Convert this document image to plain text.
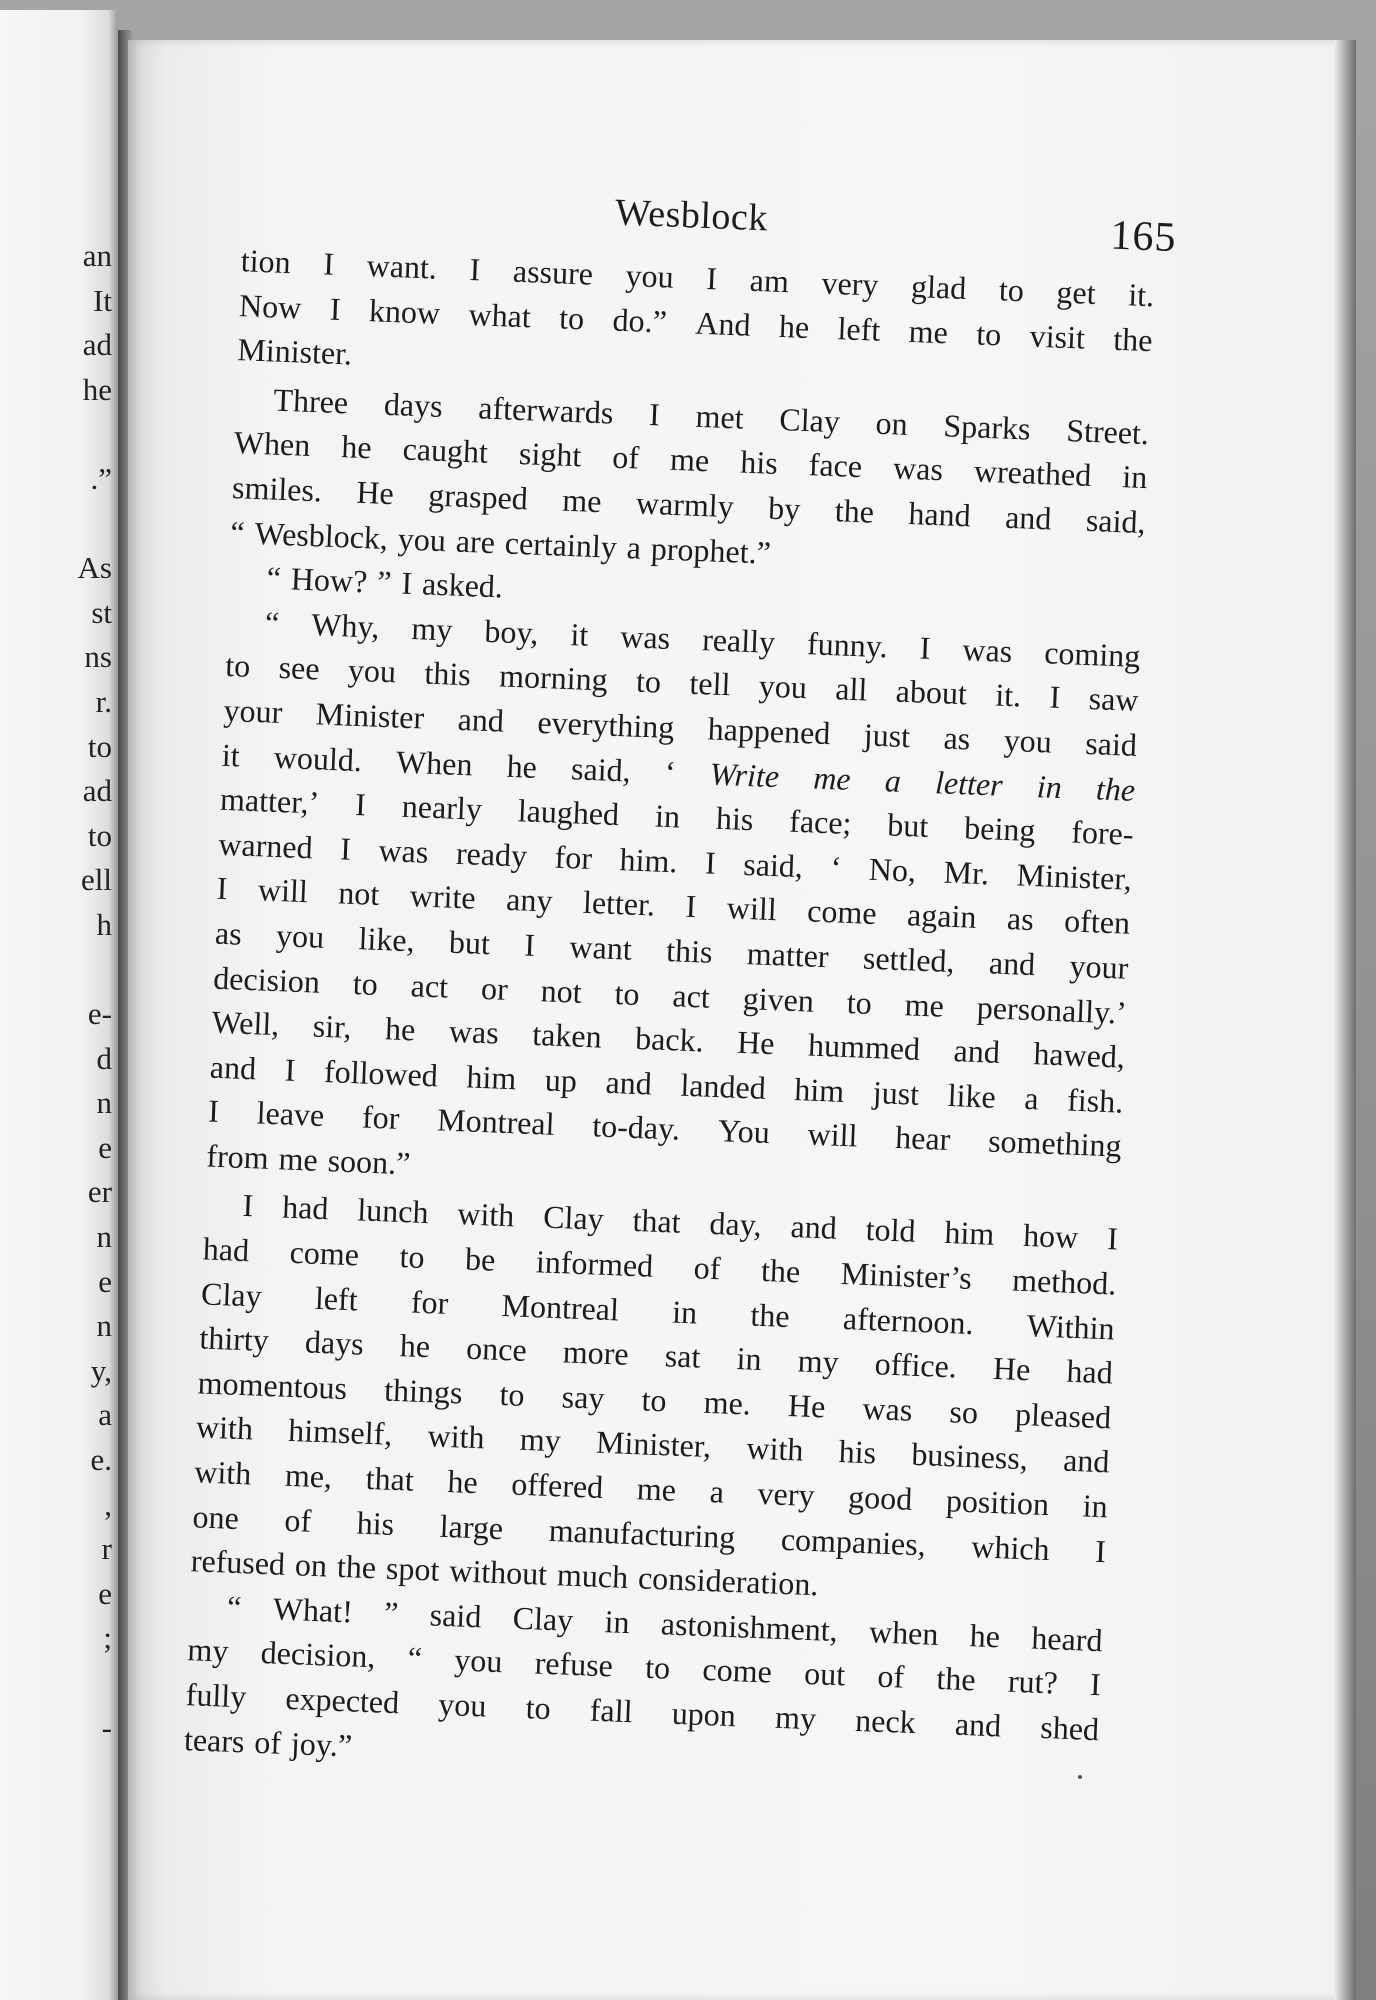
an
It
ad
he
.”
As
st
ns
r.
to
ad
to
ell
h
e-
d
n
e
er
n
e
n
y,
a
e.
,
r
e
;
-
Wesblock	165
tion I want. I assure you I am very glad to get it.
Now I know what to do.” And he left me to visit the
Minister.
Three days afterwards I met Clay on Sparks Street.
When he caught sight of me his face was wreathed in
smiles. He grasped me warmly by the hand and said,
“ Wesblock, you are certainly a prophet.”
“ How? ” I asked.
“ Why, my boy, it was really funny. I was coming
to see you this morning to tell you all about it. I saw
your Minister and everything happened just as you said
it would. When he said, ‘ Write me a letter in the
matter,’ I nearly laughed in his face; but being fore-
warned I was ready for him. I said, ‘ No, Mr. Minister,
I will not write any letter. I will come again as often
as you like, but I want this matter settled, and your
decision to act or not to act given to me personally.’
Well, sir, he was taken back. He hummed and hawed,
and I followed him up and landed him just like a fish.
I leave for Montreal to-day. You will hear something
from me soon.”
I had lunch with Clay that day, and told him how I
had come to be informed of the Minister’s method.
Clay left for Montreal in the afternoon. Within
thirty days he once more sat in my office. He had
momentous things to say to me. He was so pleased
with himself, with my Minister, with his business, and
with me, that he offered me a very good position in
one of his large manufacturing companies, which I
refused on the spot without much consideration.
“ What! ” said Clay in astonishment, when he heard
my decision, “ you refuse to come out of the rut? I
fully expected you to fall upon my neck and shed
tears of joy.”
